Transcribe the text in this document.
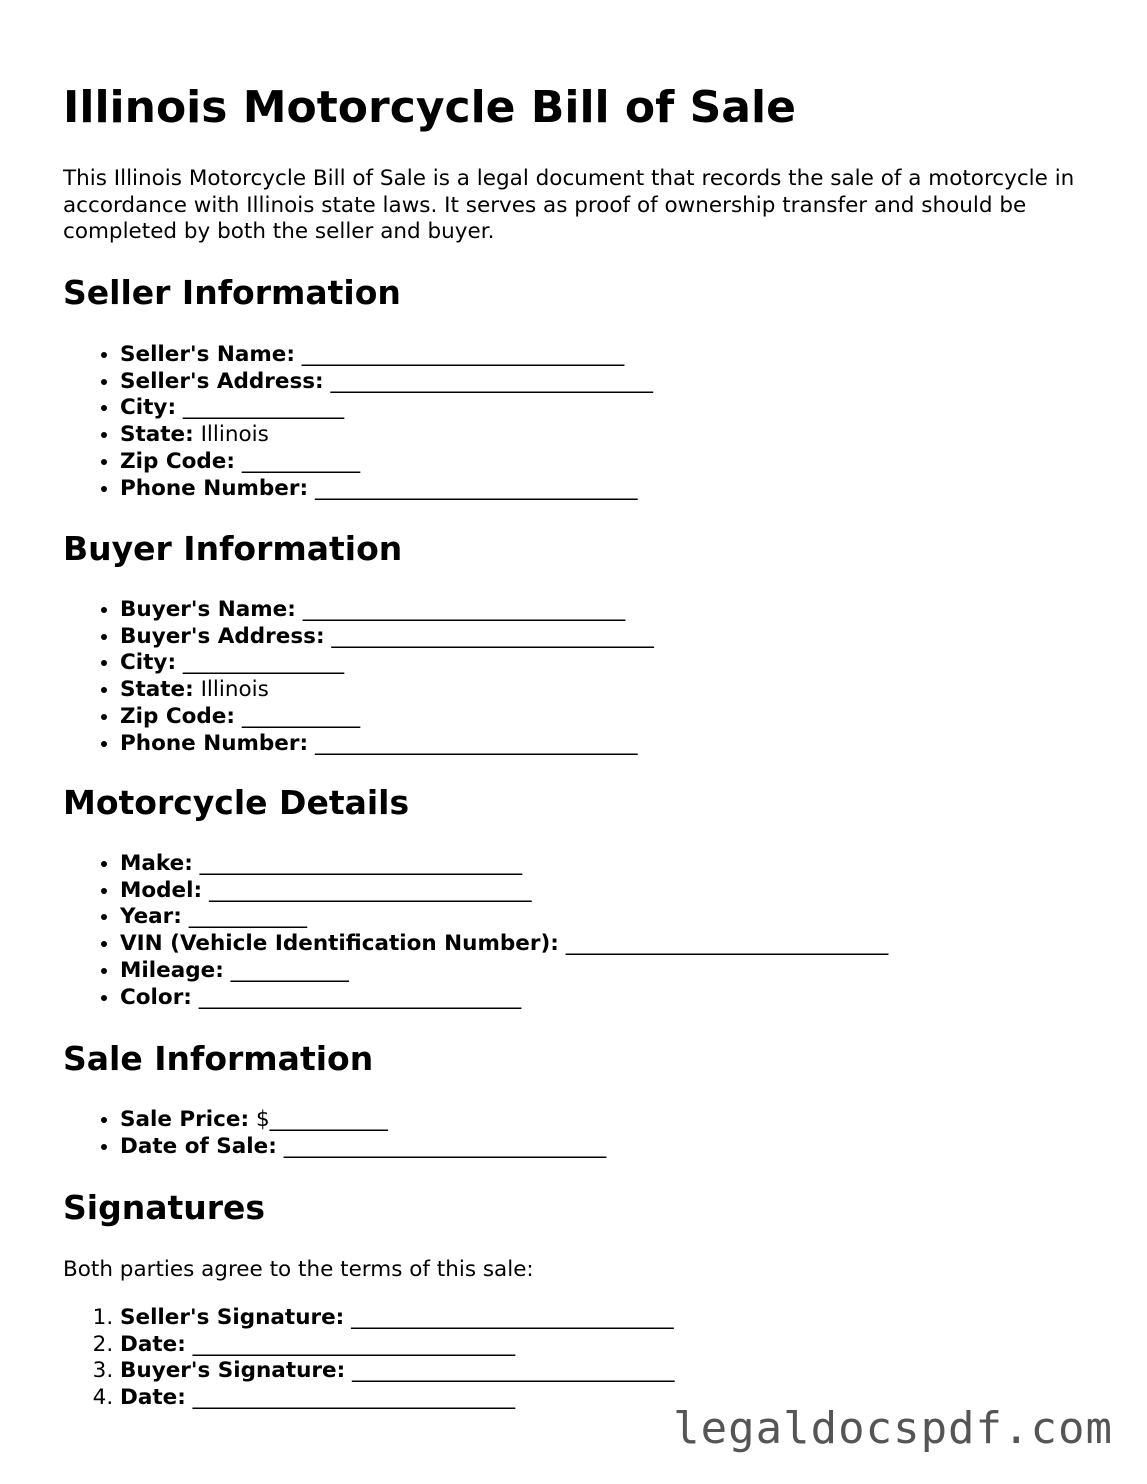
Illinois Motorcycle Bill of Sale

This Illinois Motorcycle Bill of Sale is a legal document that records the sale of a motorcycle in accordance with Illinois state laws. It serves as proof of ownership transfer and should be completed by both the seller and buyer.

Seller Information
• Seller's Name: ______________________________
• Seller's Address: ______________________________
• City: _______________
• State: Illinois
• Zip Code: ___________
• Phone Number: ______________________________
Buyer Information
• Buyer's Name: ______________________________
• Buyer's Address: ______________________________
• City: _______________
• State: Illinois
• Zip Code: ___________
• Phone Number: ______________________________
Motorcycle Details
• Make: ______________________________
• Model: ______________________________
• Year: ___________
• VIN (Vehicle Identification Number): ______________________________
• Mileage: ___________
• Color: ______________________________
Sale Information
• Sale Price: $___________
• Date of Sale: ______________________________
Signatures

Both parties agree to the terms of this sale:

1. Seller's Signature: ______________________________
2. Date: ______________________________
3. Buyer's Signature: ______________________________
4. Date: ______________________________
legaldocspdf.com
